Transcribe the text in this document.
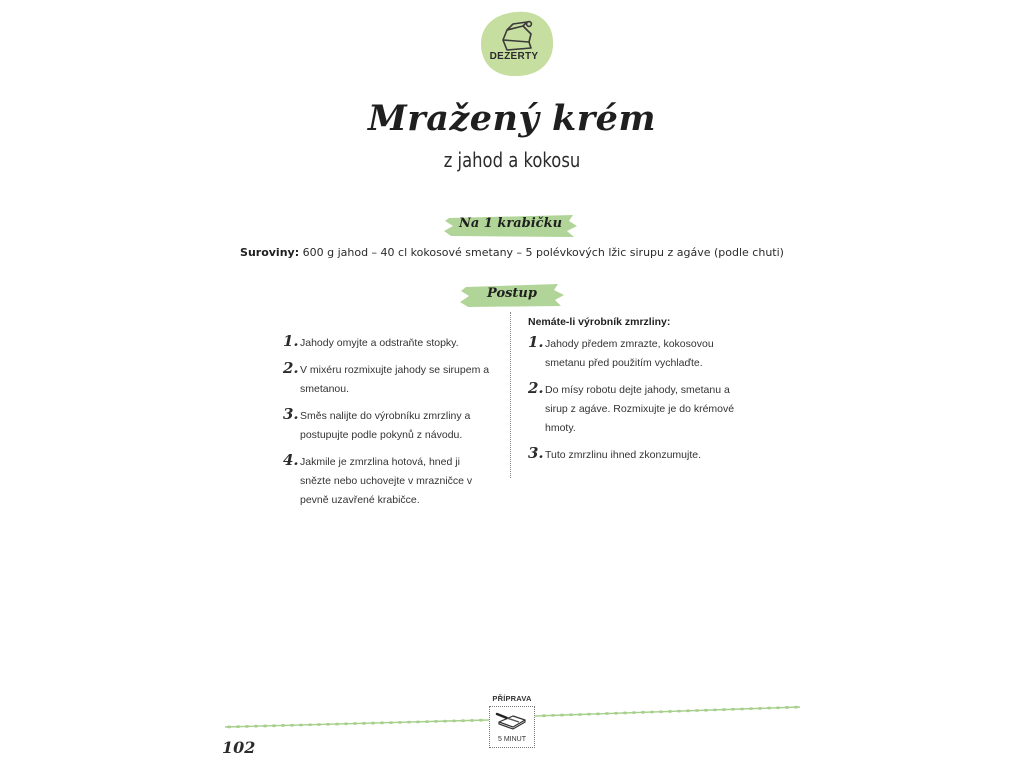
DEZERTY
Mražený krém
z jahod a kokosu
Na 1 krabičku
Suroviny: 600 g jahod – 40 cl kokosové smetany – 5 polévkových lžic sirupu z agáve (podle chuti)
Postup
1. Jahody omyjte a odstraňte stopky.
2. V mixéru rozmixujte jahody se sirupem a smetanou.
3. Směs nalijte do výrobníku zmrzliny a postupujte podle pokynů z návodu.
4. Jakmile je zmrzlina hotová, hned ji snězte nebo uchovejte v mrazničce v pevně uzavřené krabičce.
Nemáte-li výrobník zmrzliny:
1. Jahody předem zmrazte, kokosovou smetanu před použitím vychlaďte.
2. Do mísy robotu dejte jahody, smetanu a sirup z agáve. Rozmixujte je do krémové hmoty.
3. Tuto zmrzlinu ihned zkonzumujte.
PŘÍPRAVA
5 MINUT
102
